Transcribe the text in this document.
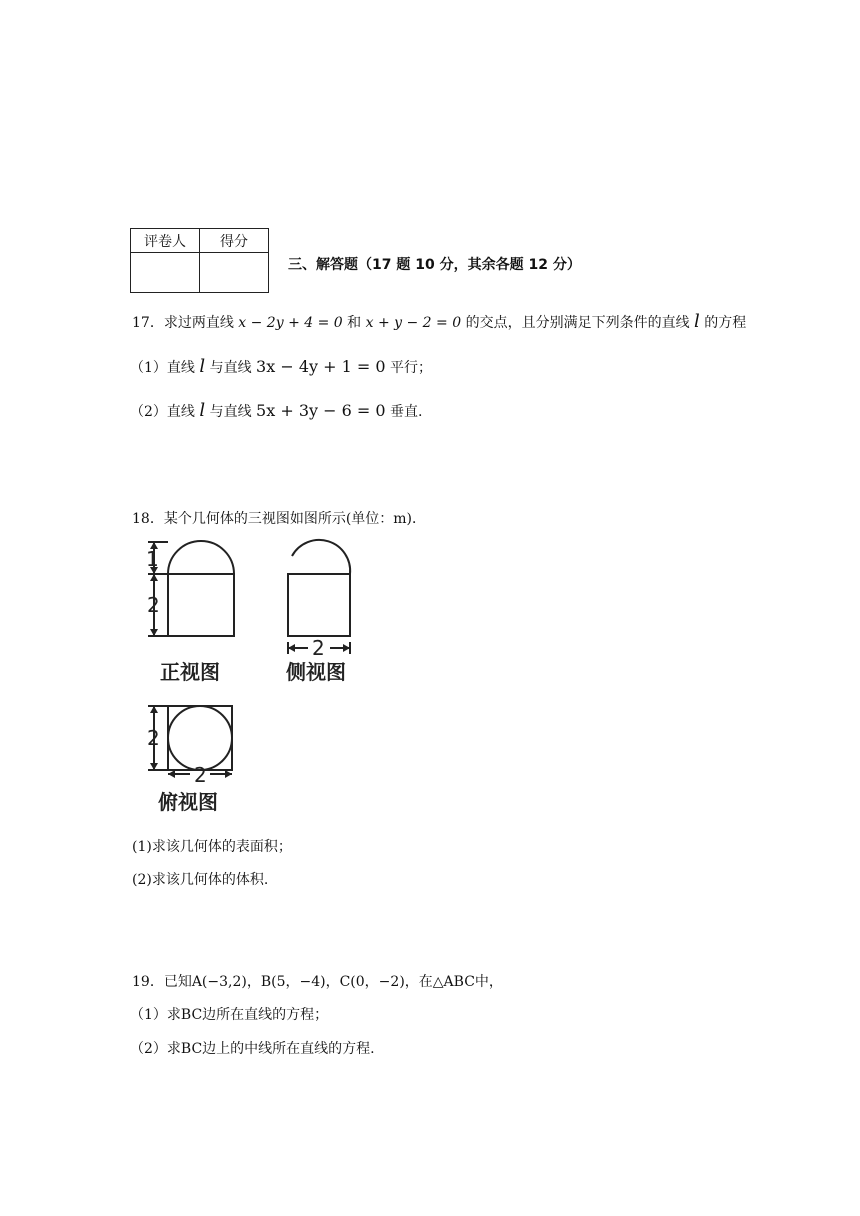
评卷人	得分

三、解答题（17 题 10 分，其余各题 12 分）
17．求过两直线 x − 2y + 4 = 0 和 x + y − 2 = 0 的交点，且分别满足下列条件的直线 l 的方程
（1）直线 l 与直线 3x − 4y + 1 = 0 平行；
（2）直线 l 与直线 5x + 3y − 6 = 0 垂直.
18．某个几何体的三视图如图所示(单位：m)．
1
2
2
2
2
正视图	侧视图
俯视图
(1)求该几何体的表面积；
(2)求该几何体的体积.
19．已知A(−3,2)，B(5，−4)，C(0，−2)，在△ABC中，
（1）求BC边所在直线的方程；
（2）求BC边上的中线所在直线的方程.
